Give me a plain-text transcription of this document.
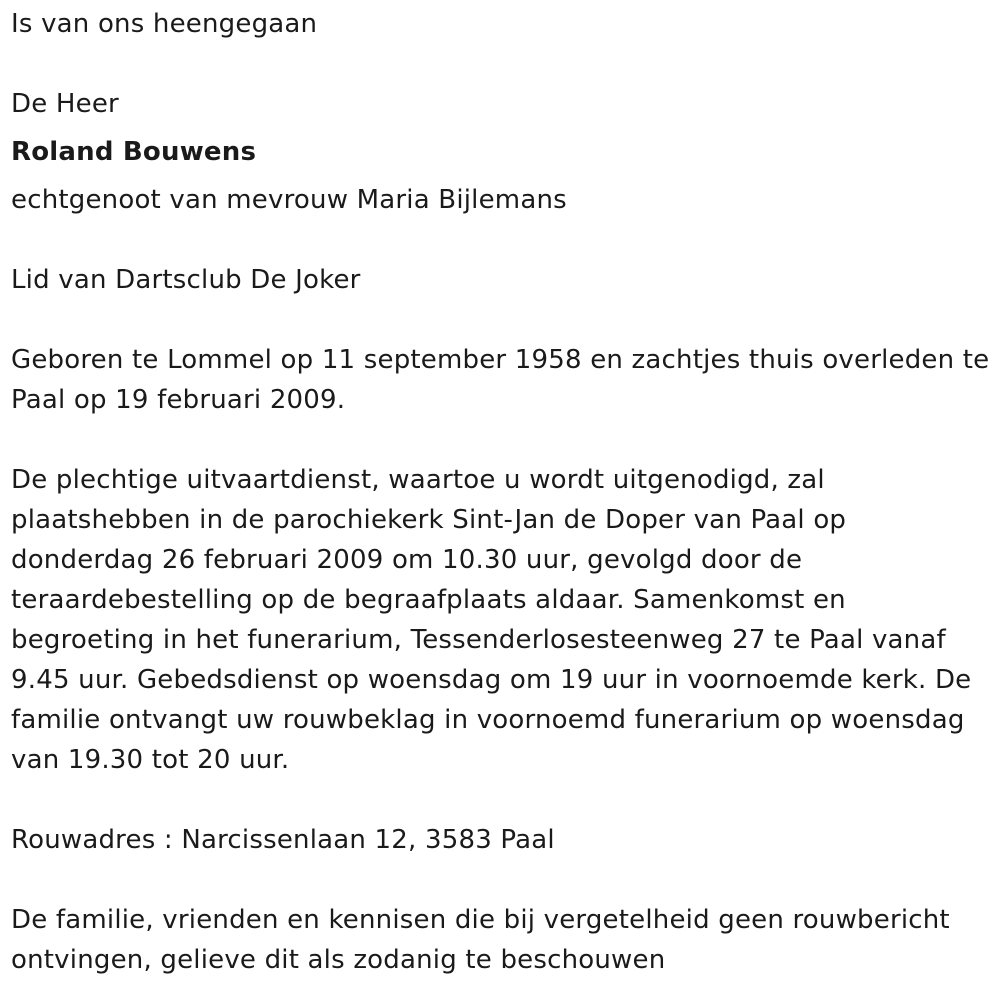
Is van ons heengegaan

De Heer

Roland Bouwens

echtgenoot van mevrouw Maria Bijlemans

Lid van Dartsclub De Joker

Geboren te Lommel op 11 september 1958 en zachtjes thuis overleden te

Paal op 19 februari 2009.

De plechtige uitvaartdienst, waartoe u wordt uitgenodigd, zal

plaatshebben in de parochiekerk Sint-Jan de Doper van Paal op

donderdag 26 februari 2009 om 10.30 uur, gevolgd door de

teraardebestelling op de begraafplaats aldaar. Samenkomst en

begroeting in het funerarium, Tessenderlosesteenweg 27 te Paal vanaf

9.45 uur. Gebedsdienst op woensdag om 19 uur in voornoemde kerk. De

familie ontvangt uw rouwbeklag in voornoemd funerarium op woensdag

van 19.30 tot 20 uur.

Rouwadres : Narcissenlaan 12, 3583 Paal

De familie, vrienden en kennisen die bij vergetelheid geen rouwbericht

ontvingen, gelieve dit als zodanig te beschouwen
